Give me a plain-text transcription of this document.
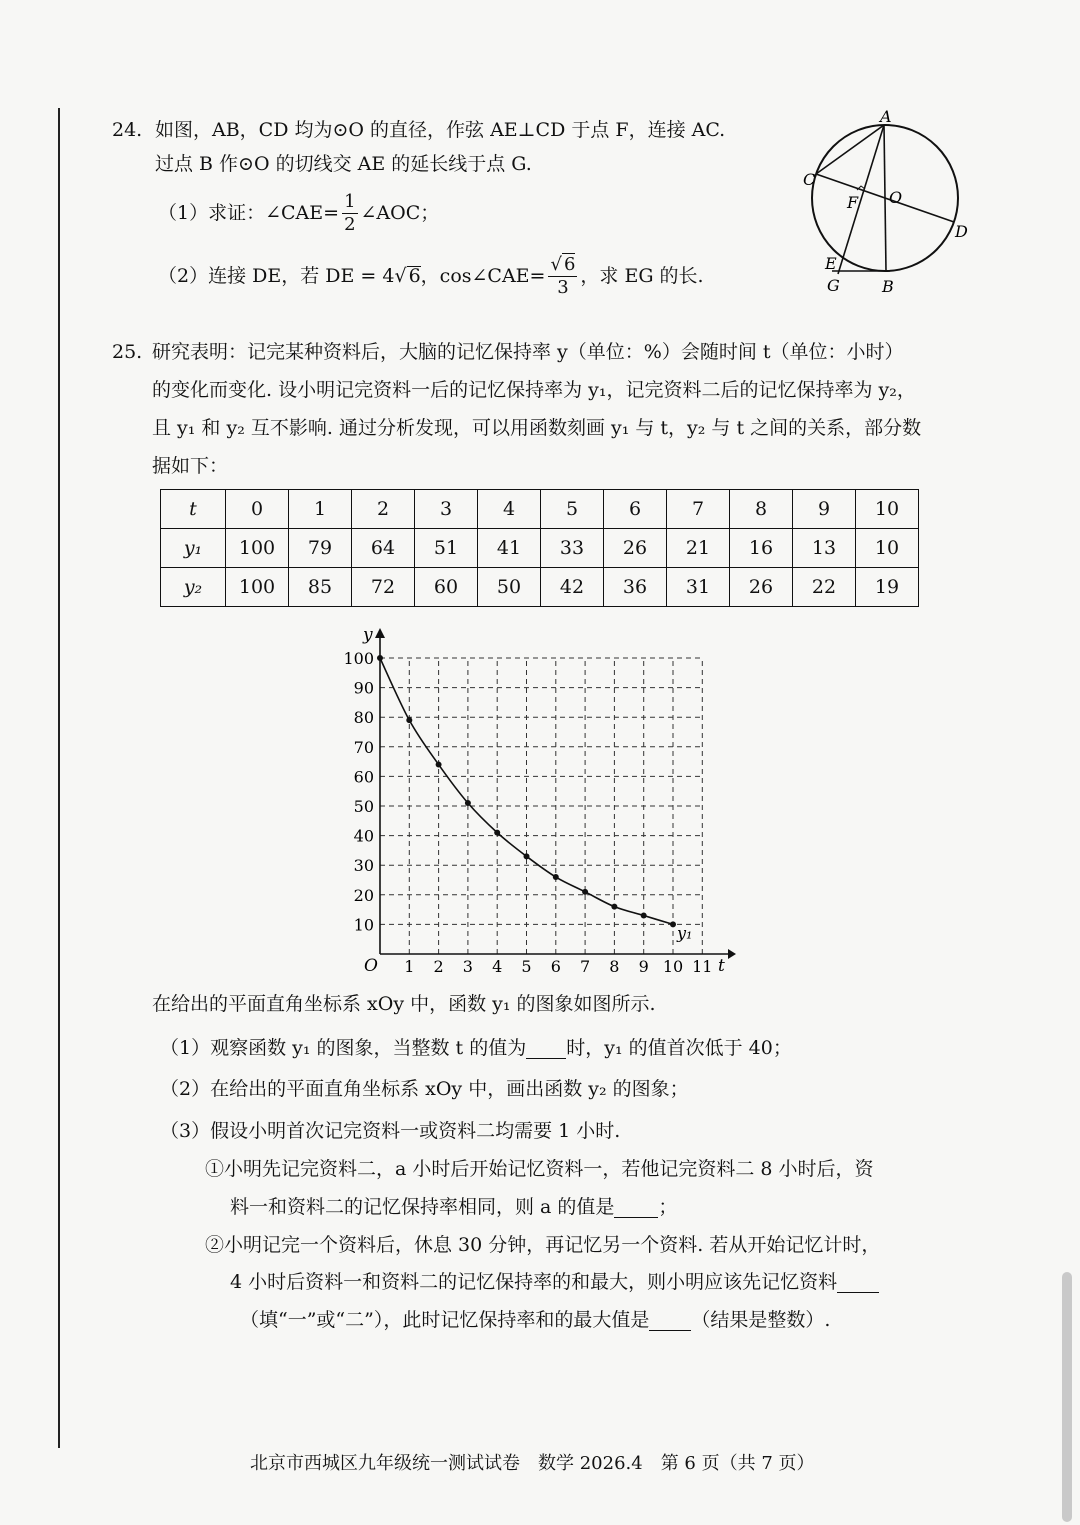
24. 如图，AB，CD 均为⊙O 的直径，作弦 AE⊥CD 于点 F，连接 AC.
过点 B 作⊙O 的切线交 AE 的延长线于点 G.
（1）求证：∠CAE= $\frac{1}{2}$ ∠AOC；
（2）连接 DE，若 DE = 4 √ 6 ，cos∠CAE= $\frac{√ 6}{3}$ ，求 EG 的长.
A
B
C
D
E
F
G
O
25. 研究表明：记完某种资料后，大脑的记忆保持率 y（单位：%）会随时间 t（单位：小时）
的变化而变化. 设小明记完资料一后的记忆保持率为 y₁，记完资料二后的记忆保持率为 y₂，
且 y₁ 和 y₂ 互不影响. 通过分析发现，可以用函数刻画 y₁ 与 t，y₂ 与 t 之间的关系，部分数
据如下：
t	0	1	2	3	4	5	6	7	8	9	10
y₁	100	79	64	51	41	33	26	21	16	13	10
y₂	100	85	72	60	50	42	36	31	26	22	19
1 2 3 4 5 6 7 8 9 10 11
10
20
30
40
50
60
70
80
90
100
y
t
O
y₁
在给出的平面直角坐标系 xOy 中，函数 y₁ 的图象如图所示.
（1）观察函数 y₁ 的图象，当整数 t 的值为 时，y₁ 的值首次低于 40；
（2）在给出的平面直角坐标系 xOy 中，画出函数 y₂ 的图象；
（3）假设小明首次记完资料一或资料二均需要 1 小时.
①小明先记完资料二，a 小时后开始记忆资料一，若他记完资料二 8 小时后，资
料一和资料二的记忆保持率相同，则 a 的值是 ；
②小明记完一个资料后，休息 30 分钟，再记忆另一个资料. 若从开始记忆计时，
4 小时后资料一和资料二的记忆保持率的和最大，则小明应该先记忆资料
（填“一”或“二”），此时记忆保持率和的最大值是 （结果是整数）.
北京市西城区九年级统一测试试卷　数学 2026.4　第 6 页（共 7 页）
